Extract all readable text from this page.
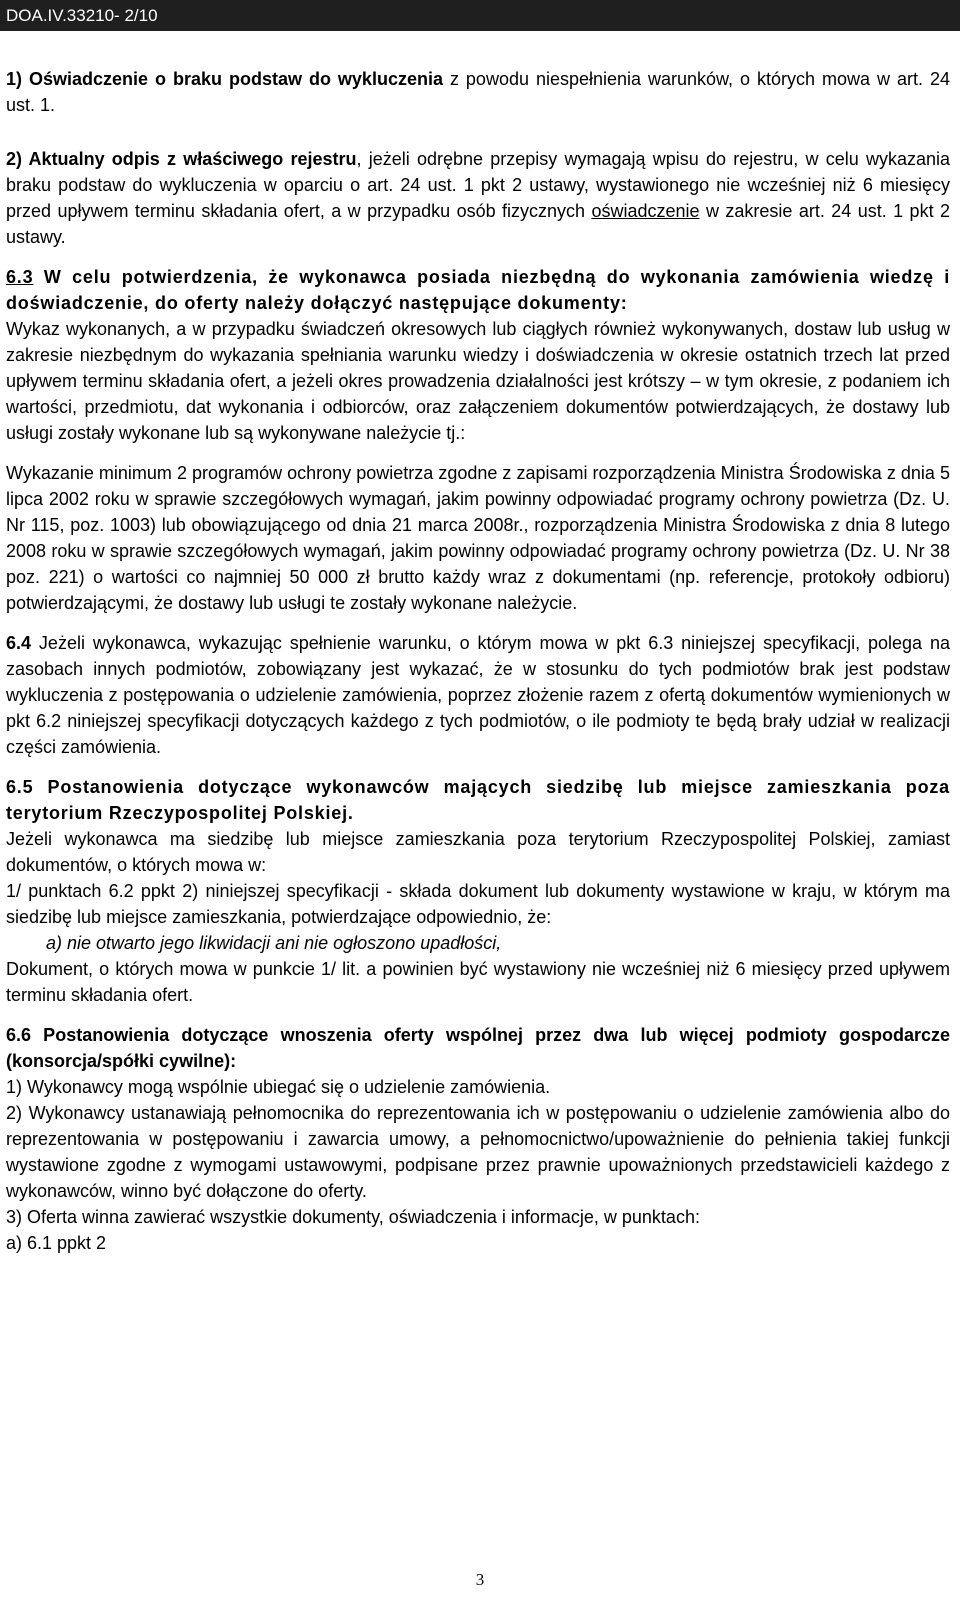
DOA.IV.33210- 2/10

1) Oświadczenie o braku podstaw do wykluczenia z powodu niespełnienia warunków, o których mowa w art. 24 ust. 1.

2) Aktualny odpis z właściwego rejestru, jeżeli odrębne przepisy wymagają wpisu do rejestru, w celu wykazania braku podstaw do wykluczenia w oparciu o art. 24 ust. 1 pkt 2 ustawy, wystawionego nie wcześniej niż 6 miesięcy przed upływem terminu składania ofert, a w przypadku osób fizycznych oświadczenie w zakresie art. 24 ust. 1 pkt 2 ustawy.

6.3 W celu potwierdzenia, że wykonawca posiada niezbędną do wykonania zamówienia wiedzę i doświadczenie, do oferty należy dołączyć następujące dokumenty:

Wykaz wykonanych, a w przypadku świadczeń okresowych lub ciągłych również wykonywanych, dostaw lub usług w zakresie niezbędnym do wykazania spełniania warunku wiedzy i doświadczenia w okresie ostatnich trzech lat przed upływem terminu składania ofert, a jeżeli okres prowadzenia działalności jest krótszy – w tym okresie, z podaniem ich wartości, przedmiotu, dat wykonania i odbiorców, oraz załączeniem dokumentów potwierdzających, że dostawy lub usługi zostały wykonane lub są wykonywane należycie tj.:

Wykazanie minimum 2 programów ochrony powietrza zgodne z zapisami rozporządzenia Ministra Środowiska z dnia 5 lipca 2002 roku w sprawie szczegółowych wymagań, jakim powinny odpowiadać programy ochrony powietrza (Dz. U. Nr 115, poz. 1003) lub obowiązującego od dnia 21 marca 2008r., rozporządzenia Ministra Środowiska z dnia 8 lutego 2008 roku w sprawie szczegółowych wymagań, jakim powinny odpowiadać programy ochrony powietrza (Dz. U. Nr 38 poz. 221) o wartości co najmniej 50 000 zł brutto każdy wraz z dokumentami (np. referencje, protokoły odbioru) potwierdzającymi, że dostawy lub usługi te zostały wykonane należycie.

6.4 Jeżeli wykonawca, wykazując spełnienie warunku, o którym mowa w pkt 6.3 niniejszej specyfikacji, polega na zasobach innych podmiotów, zobowiązany jest wykazać, że w stosunku do tych podmiotów brak jest podstaw wykluczenia z postępowania o udzielenie zamówienia, poprzez złożenie razem z ofertą dokumentów wymienionych w pkt 6.2 niniejszej specyfikacji dotyczących każdego z tych podmiotów, o ile podmioty te będą brały udział w realizacji części zamówienia.

6.5 Postanowienia dotyczące wykonawców mających siedzibę lub miejsce zamieszkania poza terytorium Rzeczypospolitej Polskiej.

Jeżeli wykonawca ma siedzibę lub miejsce zamieszkania poza terytorium Rzeczypospolitej Polskiej, zamiast dokumentów, o których mowa w:

1/ punktach 6.2 ppkt 2) niniejszej specyfikacji - składa dokument lub dokumenty wystawione w kraju, w którym ma siedzibę lub miejsce zamieszkania, potwierdzające odpowiednio, że:

a) nie otwarto jego likwidacji ani nie ogłoszono upadłości,

Dokument, o których mowa w punkcie 1/ lit. a powinien być wystawiony nie wcześniej niż 6 miesięcy przed upływem terminu składania ofert.

6.6 Postanowienia dotyczące wnoszenia oferty wspólnej przez dwa lub więcej podmioty gospodarcze (konsorcja/spółki cywilne):

1) Wykonawcy mogą wspólnie ubiegać się o udzielenie zamówienia.

2) Wykonawcy ustanawiają pełnomocnika do reprezentowania ich w postępowaniu o udzielenie zamówienia albo do reprezentowania w postępowaniu i zawarcia umowy, a pełnomocnictwo/upoważnienie do pełnienia takiej funkcji wystawione zgodne z wymogami ustawowymi, podpisane przez prawnie upoważnionych przedstawicieli każdego z wykonawców, winno być dołączone do oferty.

3) Oferta winna zawierać wszystkie dokumenty, oświadczenia i informacje, w punktach:

a) 6.1 ppkt 2

3
